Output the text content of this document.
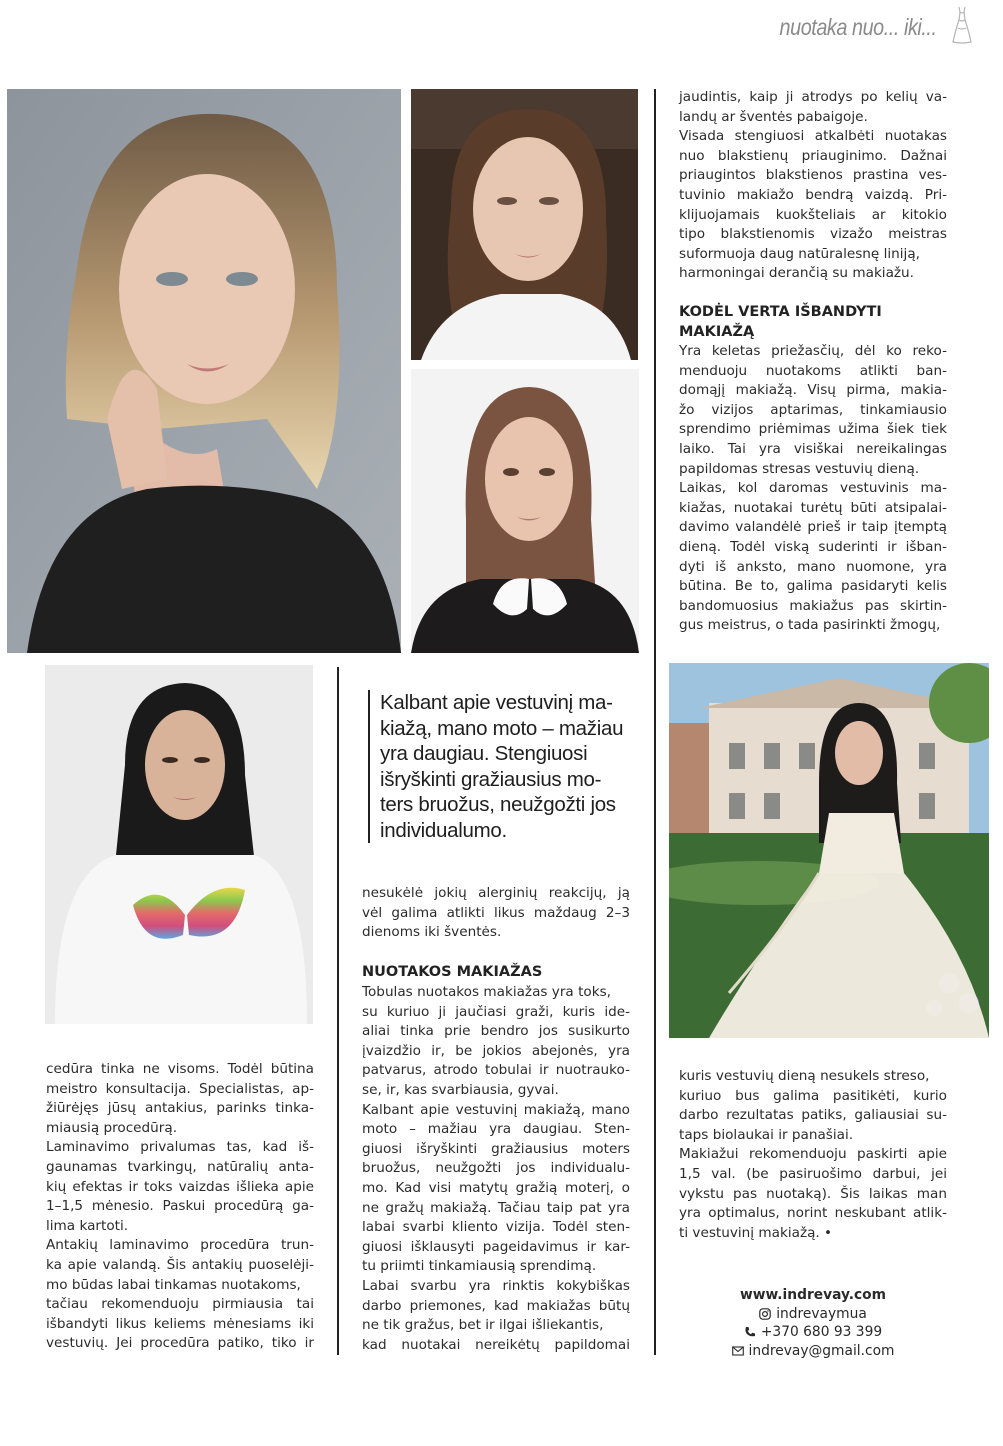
nuotaka nuo... iki...
jaudintis, kaip ji atrodys po kelių va-
landų ar šventės pabaigoje.
Visada stengiuosi atkalbėti nuotakas
nuo blakstienų priauginimo. Dažnai
priaugintos blakstienos prastina ves-
tuvinio makiažo bendrą vaizdą. Pri-
klijuojamais kuokšteliais ar kitokio
tipo blakstienomis vizažo meistras
suformuoja daug natūralesnę liniją,
harmoningai derančią su makiažu.
KODĖL VERTA IŠBANDYTI
MAKIAŽĄ
Yra keletas priežasčių, dėl ko reko-
menduoju nuotakoms atlikti ban-
domąjį makiažą. Visų pirma, makia-
žo vizijos aptarimas, tinkamiausio
sprendimo priėmimas užima šiek tiek
laiko. Tai yra visiškai nereikalingas
papildomas stresas vestuvių dieną.
Laikas, kol daromas vestuvinis ma-
kiažas, nuotakai turėtų būti atsipalai-
davimo valandėlė prieš ir taip įtemptą
dieną. Todėl viską suderinti ir išban-
dyti iš anksto, mano nuomone, yra
būtina. Be to, galima pasidaryti kelis
bandomuosius makiažus pas skirtin-
gus meistrus, o tada pasirinkti žmogų,
Kalbant apie vestuvinį ma-
kiažą, mano moto – mažiau
yra daugiau. Stengiuosi
išryškinti gražiausius mo-
ters bruožus, neužgožti jos
individualumo.
cedūra tinka ne visoms. Todėl būtina
meistro konsultacija. Specialistas, ap-
žiūrėjęs jūsų antakius, parinks tinka-
miausią procedūrą.
Laminavimo privalumas tas, kad iš-
gaunamas tvarkingų, natūralių anta-
kių efektas ir toks vaizdas išlieka apie
1–1,5 mėnesio. Paskui procedūrą ga-
lima kartoti.
Antakių laminavimo procedūra trun-
ka apie valandą. Šis antakių puoselėji-
mo būdas labai tinkamas nuotakoms,
tačiau rekomenduoju pirmiausia tai
išbandyti likus keliems mėnesiams iki
vestuvių. Jei procedūra patiko, tiko ir
nesukėlė jokių alerginių reakcijų, ją
vėl galima atlikti likus maždaug 2–3
dienoms iki šventės.
NUOTAKOS MAKIAŽAS
Tobulas nuotakos makiažas yra toks,
su kuriuo ji jaučiasi graži, kuris ide-
aliai tinka prie bendro jos susikurto
įvaizdžio ir, be jokios abejonės, yra
patvarus, atrodo tobulai ir nuotrauko-
se, ir, kas svarbiausia, gyvai.
Kalbant apie vestuvinį makiažą, mano
moto – mažiau yra daugiau. Sten-
giuosi išryškinti gražiausius moters
bruožus, neužgožti jos individualu-
mo. Kad visi matytų gražią moterį, o
ne gražų makiažą. Tačiau taip pat yra
labai svarbi kliento vizija. Todėl sten-
giuosi išklausyti pageidavimus ir kar-
tu priimti tinkamiausią sprendimą.
Labai svarbu yra rinktis kokybiškas
darbo priemones, kad makiažas būtų
ne tik gražus, bet ir ilgai išliekantis,
kad nuotakai nereikėtų papildomai
kuris vestuvių dieną nesukels streso,
kuriuo bus galima pasitikėti, kurio
darbo rezultatas patiks, galiausiai su-
taps biolaukai ir panašiai.
Makiažui rekomenduoju paskirti apie
1,5 val. (be pasiruošimo darbui, jei
vykstu pas nuotaką). Šis laikas man
yra optimalus, norint neskubant atlik-
ti vestuvinį makiažą. •
www.indrevay.com
indrevaymua
+370 680 93 399
indrevay@gmail.com
